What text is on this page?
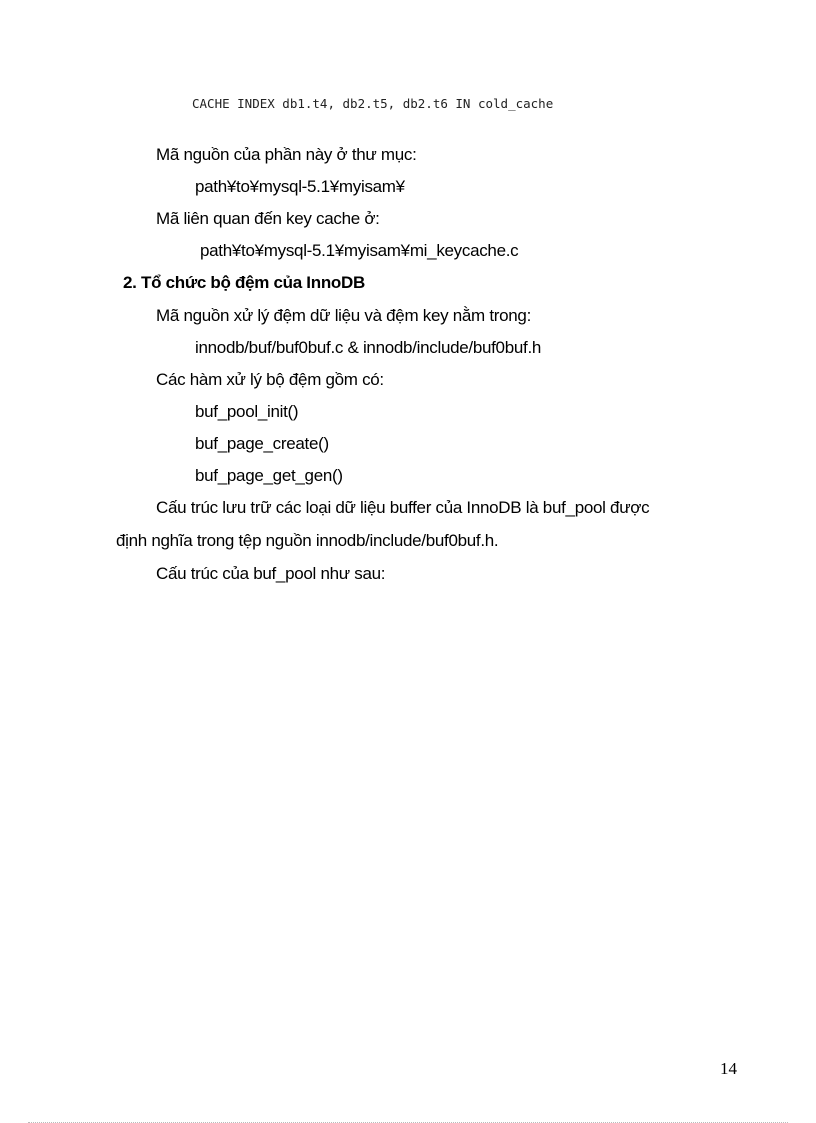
CACHE INDEX db1.t4, db2.t5, db2.t6 IN cold_cache
Mã nguồn của phần này ở thư mục:
path¥to¥mysql-5.1¥myisam¥
Mã liên quan đến key cache ở:
path¥to¥mysql-5.1¥myisam¥mi_keycache.c
2. Tổ chức bộ đệm của InnoDB
Mã nguồn xử lý đệm dữ liệu và đệm key nằm trong:
innodb/buf/buf0buf.c & innodb/include/buf0buf.h
Các hàm xử lý bộ đệm gồm có:
buf_pool_init()
buf_page_create()
buf_page_get_gen()
Cấu trúc lưu trữ các loại dữ liệu buffer của InnoDB là buf_pool được
định nghĩa trong tệp nguồn innodb/include/buf0buf.h.
Cấu trúc của buf_pool như sau:
14
